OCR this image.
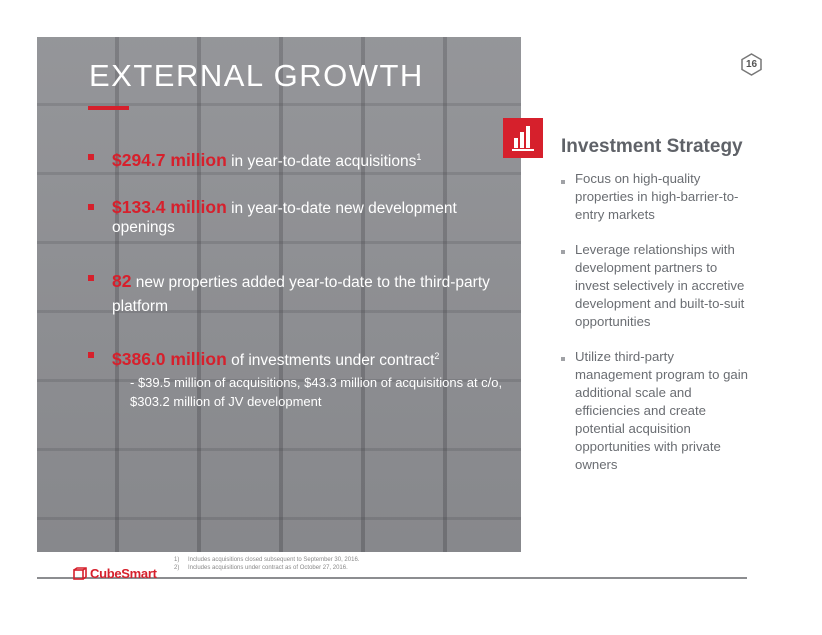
EXTERNAL GROWTH
$294.7 million in year-to-date acquisitions$^1$
$133.4 million in year-to-date new development openings
82 new properties added year-to-date to the third-party platform
$386.0 million of investments under contract$^2$
- $39.5 million of acquisitions, $43.3 million of acquisitions at c/o, $303.2 million of JV development
16
Investment Strategy
Focus on high-quality properties in high-barrier-to-entry markets
Leverage relationships with development partners to invest selectively in accretive development and built-to-suit opportunities
Utilize third-party management program to gain additional scale and efficiencies and create potential acquisition opportunities with private owners
1) Includes acquisitions closed subsequent to September 30, 2016.
2) Includes acquisitions under contract as of October 27, 2016.
CubeSmart
